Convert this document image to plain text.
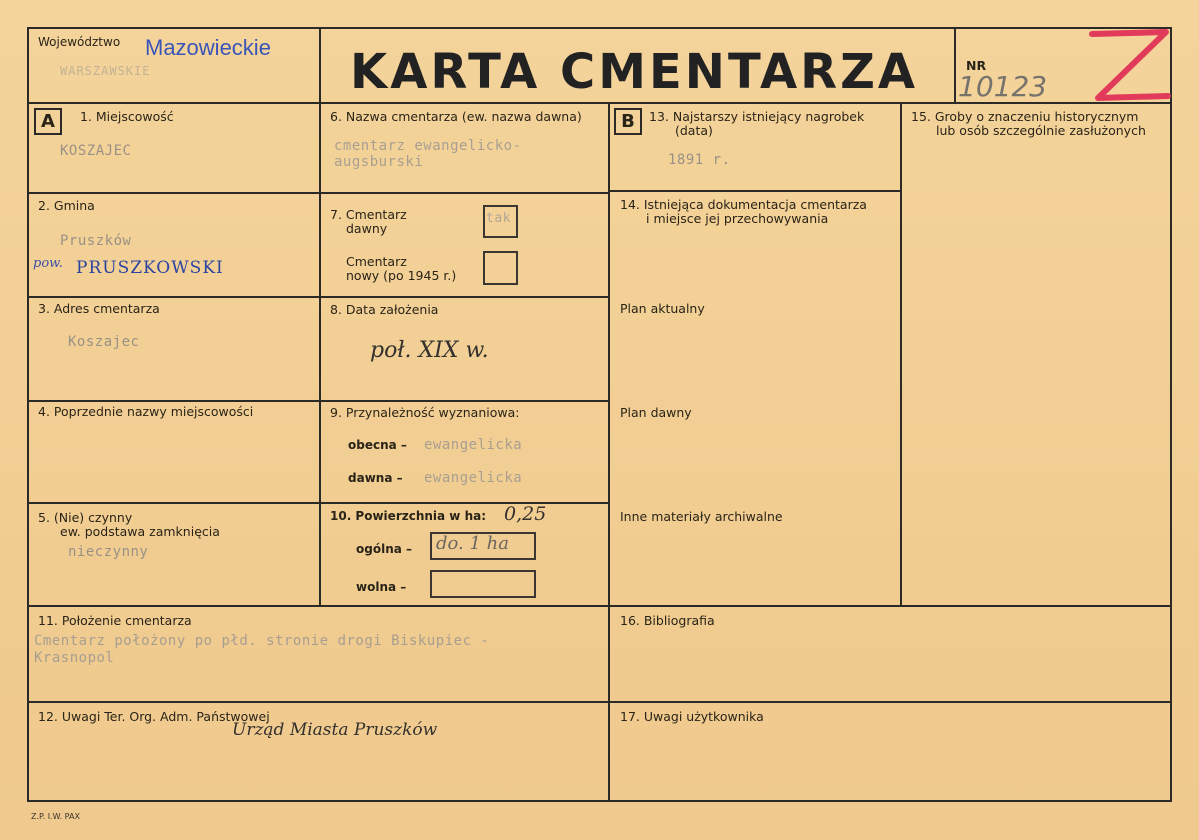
Województwo Mazowieckie
WARSZAWSKIE	KARTA CMENTARZA	NR
10123
A	B
1. Miejscowość
KOSZAJEC
2. Gmina
Pruszków
pow. PRUSZKOWSKI
3. Adres cmentarza
Koszajec
4. Poprzednie nazwy miejscowości
5. (Nie) czynny
ew. podstawa zamknięcia
nieczynny
6. Nazwa cmentarza (ew. nazwa dawna)
cmentarz ewangelicko-
augsburski
7. Cmentarz
dawny
tak
Cmentarz
nowy (po 1945 r.)
8. Data założenia
poł. XIX w.
9. Przynależność wyznaniowa:
obecna – ewangelicka
dawna – ewangelicka
10. Powierzchnia w ha: 0,25
ogólna – do. 1 ha
wolna –
13. Najstarszy istniejący nagrobek
(data)
1891 r.
14. Istniejąca dokumentacja cmentarza
i miejsce jej przechowywania
Plan aktualny
Plan dawny
Inne materiały archiwalne
15. Groby o znaczeniu historycznym
lub osób szczególnie zasłużonych
11. Położenie cmentarza
Cmentarz położony po płd. stronie drogi Biskupiec -
Krasnopol
16. Bibliografia
12. Uwagi Ter. Org. Adm. Państwowej
Urząd Miasta Pruszków
17. Uwagi użytkownika
Z.P. I.W. PAX
